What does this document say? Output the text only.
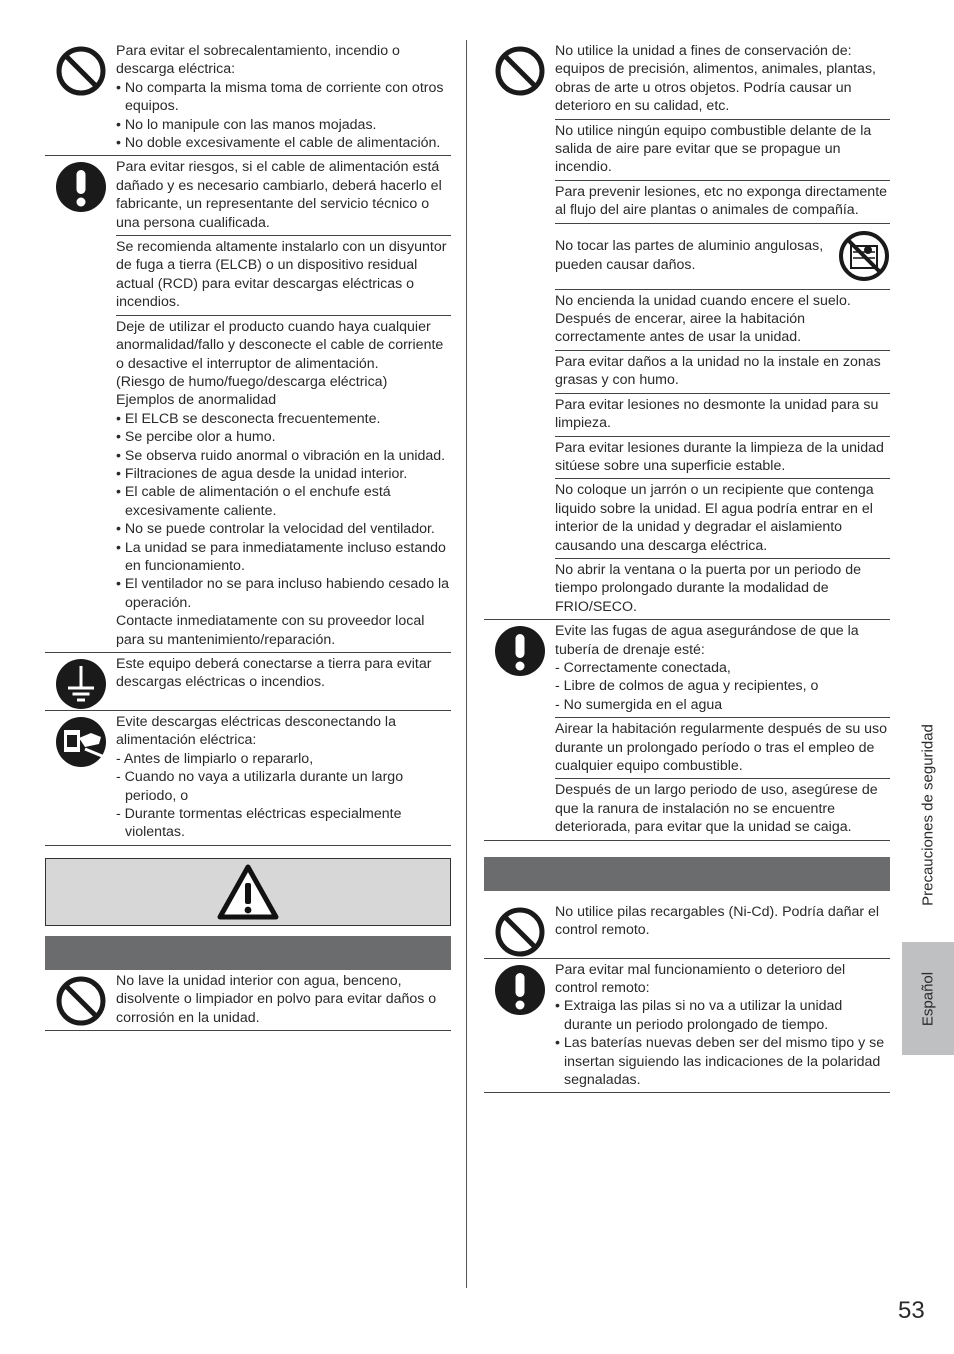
Para evitar el sobrecalentamiento, incendio o descarga eléctrica:

• No comparta la misma toma de corriente con otros equipos.

• No lo manipule con las manos mojadas.

• No doble excesivamente el cable de alimentación.

Para evitar riesgos, si el cable de alimentación está dañado y es necesario cambiarlo, deberá hacerlo el fabricante, un representante del servicio técnico o una persona cualificada.

Se recomienda altamente instalarlo con un disyuntor de fuga a tierra (ELCB) o un dispositivo residual actual (RCD) para evitar descargas eléctricas o incendios.

Deje de utilizar el producto cuando haya cualquier anormalidad/fallo y desconecte el cable de corriente o desactive el interruptor de alimentación.

(Riesgo de humo/fuego/descarga eléctrica)

Ejemplos de anormalidad

• El ELCB se desconecta frecuentemente.

• Se percibe olor a humo.

• Se observa ruido anormal o vibración en la unidad.

• Filtraciones de agua desde la unidad interior.

• El cable de alimentación o el enchufe está excesivamente caliente.

• No se puede controlar la velocidad del ventilador.

• La unidad se para inmediatamente incluso estando en funcionamiento.

• El ventilador no se para incluso habiendo cesado la operación.

Contacte inmediatamente con su proveedor local para su mantenimiento/reparación.

Este equipo deberá conectarse a tierra para evitar descargas eléctricas o incendios.

Evite descargas eléctricas desconectando la alimentación eléctrica:

- Antes de limpiarlo o repararlo,

- Cuando no vaya a utilizarla durante un largo periodo, o

- Durante tormentas eléctricas especialmente violentas.

No lave la unidad interior con agua, benceno, disolvente o limpiador en polvo para evitar daños o corrosión en la unidad.

No utilice la unidad a fines de conservación de: equipos de precisión, alimentos, animales, plantas, obras de arte u otros objetos. Podría causar un deterioro en su calidad, etc.

No utilice ningún equipo combustible delante de la salida de aire pare evitar que se propague un incendio.

Para prevenir lesiones, etc no exponga directamente al flujo del aire plantas o animales de compañía.

No tocar las partes de aluminio angulosas, pueden causar daños.

No encienda la unidad cuando encere el suelo. Después de encerar, airee la habitación correctamente antes de usar la unidad.

Para evitar daños a la unidad no la instale en zonas grasas y con humo.

Para evitar lesiones no desmonte la unidad para su limpieza.

Para evitar lesiones durante la limpieza de la unidad sitúese sobre una superficie estable.

No coloque un jarrón o un recipiente que contenga liquido sobre la unidad. El agua podría entrar en el interior de la unidad y degradar el aislamiento causando una descarga eléctrica.

No abrir la ventana o la puerta por un periodo de tiempo prolongado durante la modalidad de FRIO/SECO.

Evite las fugas de agua asegurándose de que la tubería de drenaje esté:

- Correctamente conectada,

- Libre de colmos de agua y recipientes, o

- No sumergida en el agua

Airear la habitación regularmente después de su uso durante un prolongado período o tras el empleo de cualquier equipo combustible.

Después de un largo periodo de uso, asegúrese de que la ranura de instalación no se encuentre deteriorada, para evitar que la unidad se caiga.

No utilice pilas recargables (Ni-Cd). Podría dañar el control remoto.

Para evitar mal funcionamiento o deterioro del control remoto:

• Extraiga las pilas si no va a utilizar la unidad durante un periodo prolongado de tiempo.

• Las baterías nuevas deben ser del mismo tipo y se insertan siguiendo las indicaciones de la polaridad segnaladas.

Precauciones de seguridad
Español
53
